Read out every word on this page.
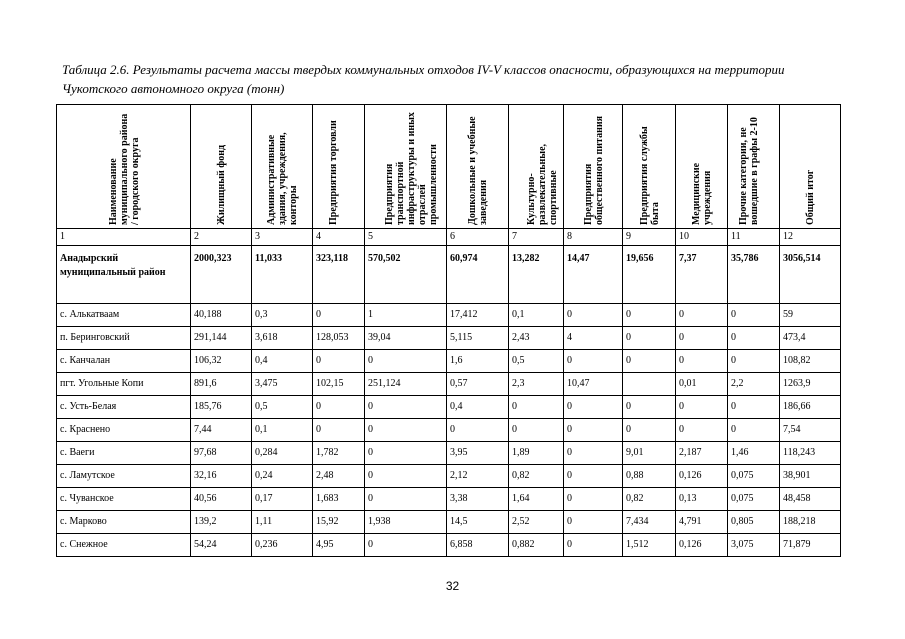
Таблица 2.6. Результаты расчета массы твердых коммунальных отходов IV-V классов опасности, образующихся на территории Чукотского автономного округа (тонн)
Наименование муниципального района / городского округа	Жилищный фонд	Административные здания, учреждения, конторы	Предприятия торговли	Предприятия транспортной инфраструктуры и иных отраслей промышленности	Дошкольные и учебные заведения	Культурно-развлекательные, спортивные	Предприятия общественного питания	Предприятия службы быта	Медицинские учреждения	Прочие категории, не вошедшие в графы 2-10	Общий итог

1	2	3	4	5	6	7	8	9	10	11	12
Анадырский муниципальный район	2000,323	11,033	323,118	570,502	60,974	13,282	14,47	19,656	7,37	35,786	3056,514
с. Алькатваам	40,188	0,3	0	1	17,412	0,1	0	0	0	0	59
п. Беринговский	291,144	3,618	128,053	39,04	5,115	2,43	4	0	0	0	473,4
с. Канчалан	106,32	0,4	0	0	1,6	0,5	0	0	0	0	108,82
пгт. Угольные Копи	891,6	3,475	102,15	251,124	0,57	2,3	10,47		0,01	2,2	1263,9
с. Усть-Белая	185,76	0,5	0	0	0,4	0	0	0	0	0	186,66
с. Краснено	7,44	0,1	0	0	0	0	0	0	0	0	7,54
с. Ваеги	97,68	0,284	1,782	0	3,95	1,89	0	9,01	2,187	1,46	118,243
с. Ламутское	32,16	0,24	2,48	0	2,12	0,82	0	0,88	0,126	0,075	38,901
с. Чуванское	40,56	0,17	1,683	0	3,38	1,64	0	0,82	0,13	0,075	48,458
с. Марково	139,2	1,11	15,92	1,938	14,5	2,52	0	7,434	4,791	0,805	188,218
с. Снежное	54,24	0,236	4,95	0	6,858	0,882	0	1,512	0,126	3,075	71,879
32
